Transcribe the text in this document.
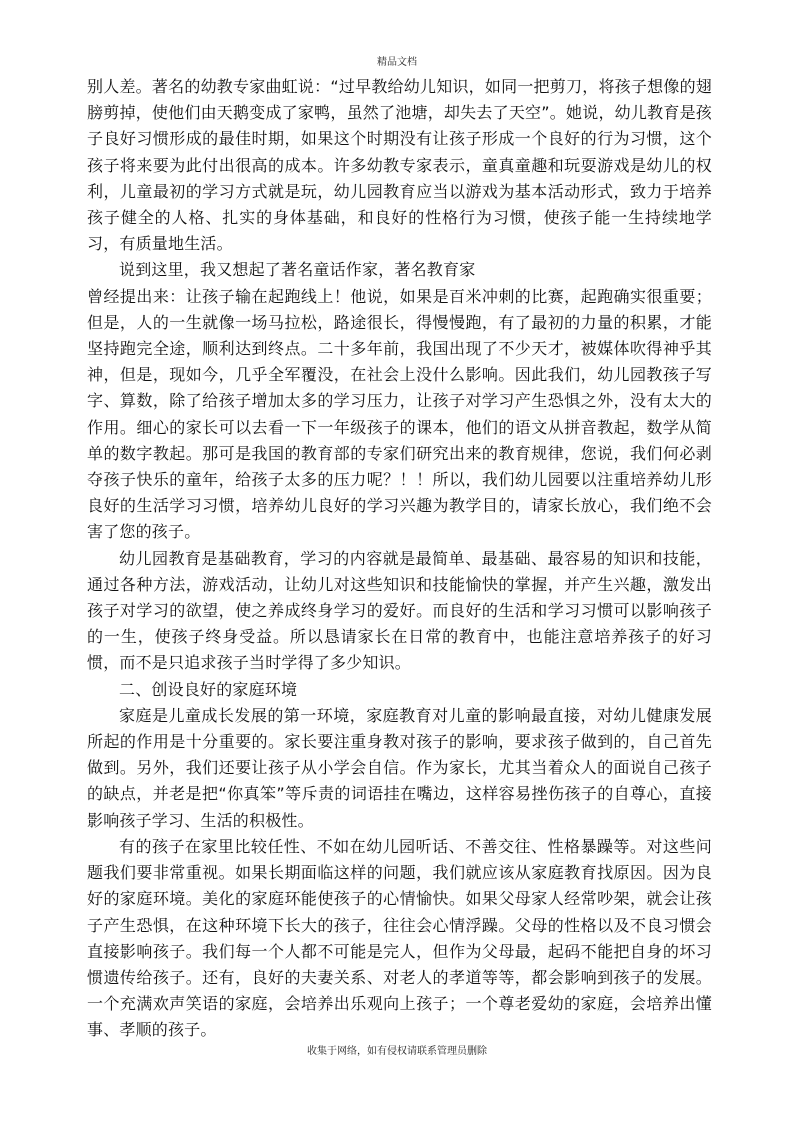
精品文档

别人差。著名的幼教专家曲虹说：“过早教给幼儿知识，如同一把剪刀，将孩子想像的翅膀剪掉，使他们由天鹅变成了家鸭，虽然了池塘，却失去了天空”。她说，幼儿教育是孩子良好习惯形成的最佳时期，如果这个时期没有让孩子形成一个良好的行为习惯，这个孩子将来要为此付出很高的成本。许多幼教专家表示，童真童趣和玩耍游戏是幼儿的权利，儿童最初的学习方式就是玩，幼儿园教育应当以游戏为基本活动形式，致力于培养孩子健全的人格、扎实的身体基础，和良好的性格行为习惯，使孩子能一生持续地学习，有质量地生活。

说到这里，我又想起了著名童话作家，著名教育家

曾经提出来：让孩子输在起跑线上！他说，如果是百米冲刺的比赛，起跑确实很重要；但是，人的一生就像一场马拉松，路途很长，得慢慢跑，有了最初的力量的积累，才能坚持跑完全途，顺利达到终点。二十多年前，我国出现了不少天才，被媒体吹得神乎其神，但是，现如今，几乎全军覆没，在社会上没什么影响。因此我们，幼儿园教孩子写字、算数，除了给孩子增加太多的学习压力，让孩子对学习产生恐惧之外，没有太大的作用。细心的家长可以去看一下一年级孩子的课本，他们的语文从拼音教起，数学从简单的数字教起。那可是我国的教育部的专家们研究出来的教育规律，您说，我们何必剥夺孩子快乐的童年，给孩子太多的压力呢？！！所以，我们幼儿园要以注重培养幼儿形良好的生活学习习惯，培养幼儿良好的学习兴趣为教学目的，请家长放心，我们绝不会害了您的孩子。

幼儿园教育是基础教育，学习的内容就是最简单、最基础、最容易的知识和技能，通过各种方法，游戏活动，让幼儿对这些知识和技能愉快的掌握，并产生兴趣，激发出孩子对学习的欲望，使之养成终身学习的爱好。而良好的生活和学习习惯可以影响孩子的一生，使孩子终身受益。所以恳请家长在日常的教育中，也能注意培养孩子的好习惯，而不是只追求孩子当时学得了多少知识。

二、创设良好的家庭环境

家庭是儿童成长发展的第一环境，家庭教育对儿童的影响最直接，对幼儿健康发展所起的作用是十分重要的。家长要注重身教对孩子的影响，要求孩子做到的，自己首先做到。另外，我们还要让孩子从小学会自信。作为家长，尤其当着众人的面说自己孩子的缺点，并老是把“你真笨”等斥责的词语挂在嘴边，这样容易挫伤孩子的自尊心，直接影响孩子学习、生活的积极性。

有的孩子在家里比较任性、不如在幼儿园听话、不善交往、性格暴躁等。对这些问题我们要非常重视。如果长期面临这样的问题，我们就应该从家庭教育找原因。因为良好的家庭环境。美化的家庭环能使孩子的心情愉快。如果父母家人经常吵架，就会让孩子产生恐惧，在这种环境下长大的孩子，往往会心情浮躁。父母的性格以及不良习惯会直接影响孩子。我们每一个人都不可能是完人，但作为父母最，起码不能把自身的坏习惯遗传给孩子。还有，良好的夫妻关系、对老人的孝道等等，都会影响到孩子的发展。一个充满欢声笑语的家庭，会培养出乐观向上孩子；一个尊老爱幼的家庭，会培养出懂事、孝顺的孩子。

收集于网络，如有侵权请联系管理员删除
